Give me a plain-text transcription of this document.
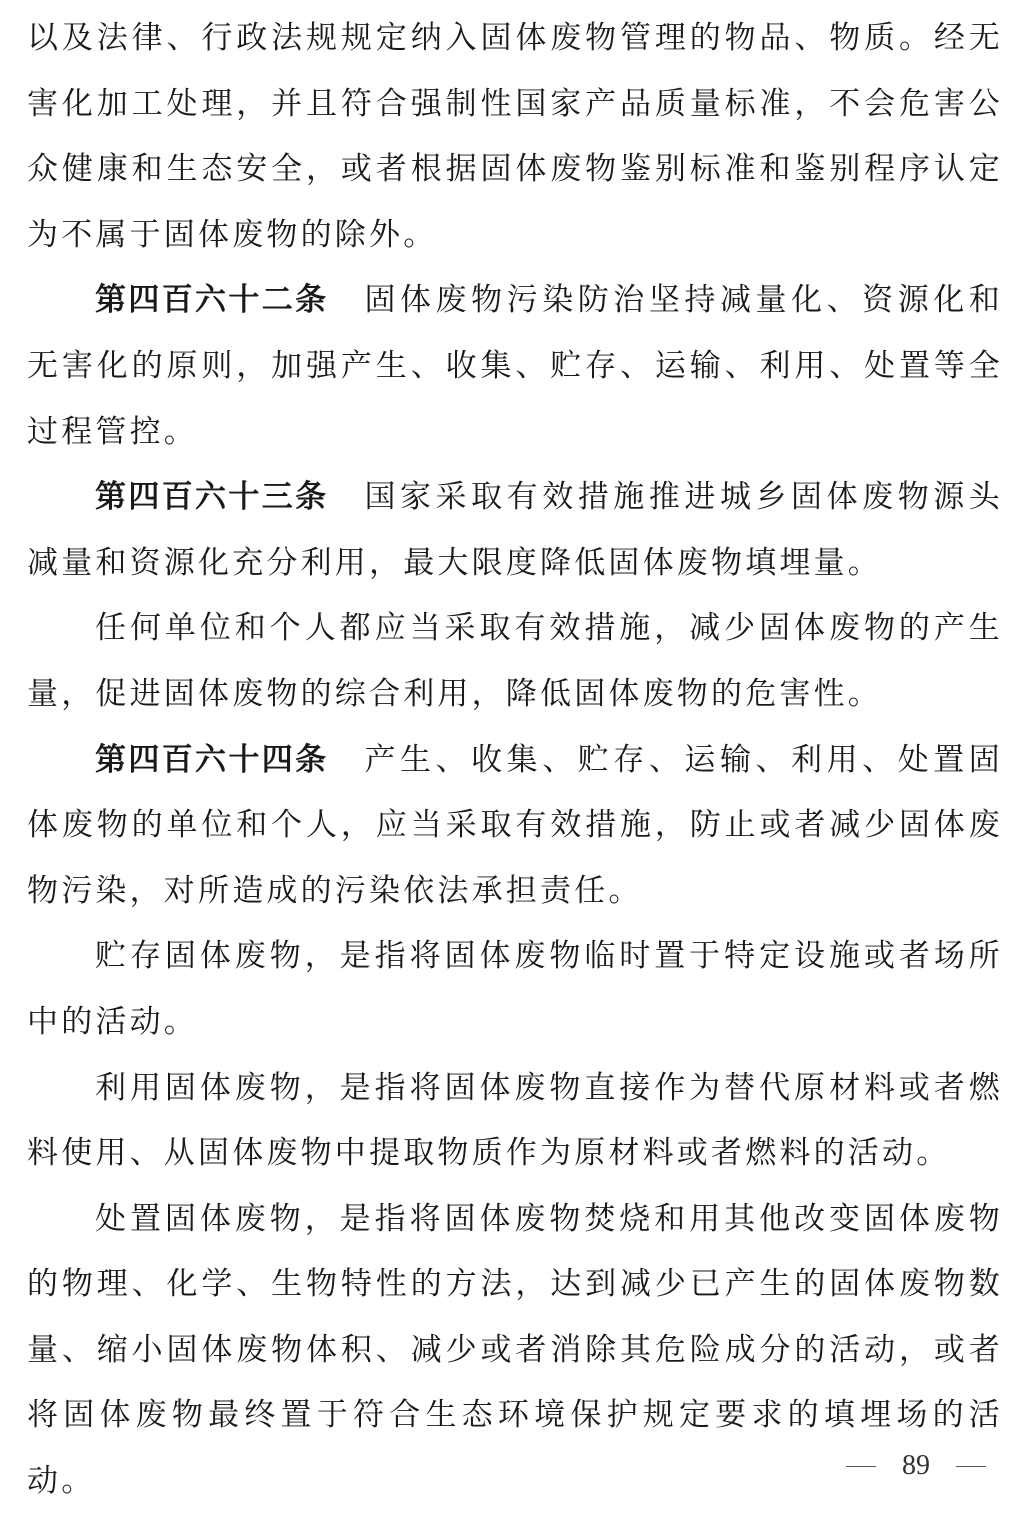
以及法律、行政法规规定纳入固体废物管理的物品、物质。经无害化加工处理，并且符合强制性国家产品质量标准，不会危害公众健康和生态安全，或者根据固体废物鉴别标准和鉴别程序认定为不属于固体废物的除外。

第四百六十二条 固体废物污染防治坚持减量化、资源化和无害化的原则，加强产生、收集、贮存、运输、利用、处置等全过程管控。

第四百六十三条 国家采取有效措施推进城乡固体废物源头减量和资源化充分利用，最大限度降低固体废物填埋量。

任何单位和个人都应当采取有效措施，减少固体废物的产生量，促进固体废物的综合利用，降低固体废物的危害性。

第四百六十四条 产生、收集、贮存、运输、利用、处置固体废物的单位和个人，应当采取有效措施，防止或者减少固体废物污染，对所造成的污染依法承担责任。

贮存固体废物，是指将固体废物临时置于特定设施或者场所中的活动。

利用固体废物，是指将固体废物直接作为替代原材料或者燃料使用、从固体废物中提取物质作为原材料或者燃料的活动。

处置固体废物，是指将固体废物焚烧和用其他改变固体废物的物理、化学、生物特性的方法，达到减少已产生的固体废物数量、缩小固体废物体积、减少或者消除其危险成分的活动，或者将固体废物最终置于符合生态环境保护规定要求的填埋场的活动。	89
